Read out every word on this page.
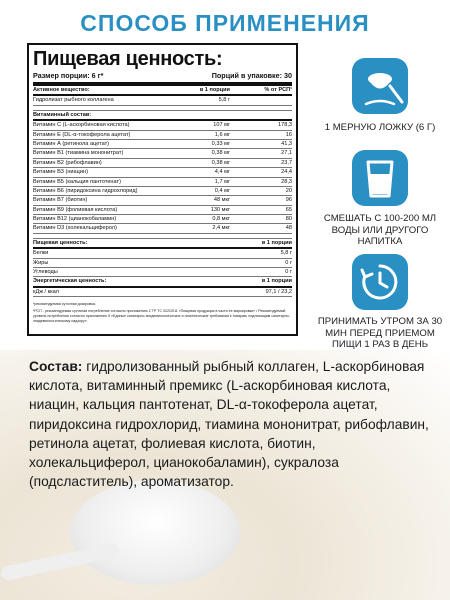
СПОСОБ ПРИМЕНЕНИЯ
Пищевая ценность:
Размер порции: 6 г*	Порций в упаковке: 30
Активное вещество:	в 1 порции	% от РСП¹
Гидролизат рыбного коллагена	5,8 г
Витаминный состав:
Витамин С (L-аскорбиновая кислота)	107 мг	178,3
Витамин Е (DL-α-токоферола ацетат)	1,6 мг	16
Витамин А (ретинола ацетат)	0,33 мг	41,3
Витамин В1 (тиамина мононитрат)	0,38 мг	27,1
Витамин В2 (рибофлавин)	0,38 мг	23,7
Витамин В3 (ниацин)	4,4 мг	24,4
Витамин В5 (кальция пантотенат)	1,7 мг	28,3
Витамин В6 (пиридоксина гидрохлорид)	0,4 мг	20
Витамин В7 (биотин)	48 мкг	96
Витамин В9 (фолиевая кислота)	130 мкг	65
Витамин В12 (цианокобаламин)	0,8 мкг	80
Витамин D3 (холекальциферол)	2,4 мкг	48
Пищевая ценность:	в 1 порции
Белки	5,8 г
Жиры	0 г
Углеводы	0 г
Энергетическая ценность:	в 1 порции
кДж / ккал	97,1 / 23,2

*рекомендуемая суточная дозировка.

¹РСП - рекомендуемая суточная потребление согласно приложению 2 ТР ТС 022/2011 «Пищевая продукция в части ее маркировки» / Рекомендуемый уровень потребления согласно приложению 5 «Единые санитарно-эпидемиологические и гигиенические требования к товарам, подлежащим санитарно-эпидемиологическому надзору».

1 МЕРНУЮ ЛОЖКУ (6 Г)
СМЕШАТЬ С 100-200 МЛ ВОДЫ ИЛИ ДРУГОГО НАПИТКА
ПРИНИМАТЬ УТРОМ ЗА 30 МИН ПЕРЕД ПРИЕМОМ ПИЩИ 1 РАЗ В ДЕНЬ
Состав: гидролизованный рыбный коллаген, L-аскорбиновая кислота, витаминный премикс (L-аскорбиновая кислота, ниацин, кальция пантотенат, DL-α-токоферола ацетат, пиридоксина гидрохлорид, тиамина мононитрат, рибофлавин, ретинола ацетат, фолиевая кислота, биотин, холекальциферол, цианокобаламин), сукралоза (подсластитель), ароматизатор.
